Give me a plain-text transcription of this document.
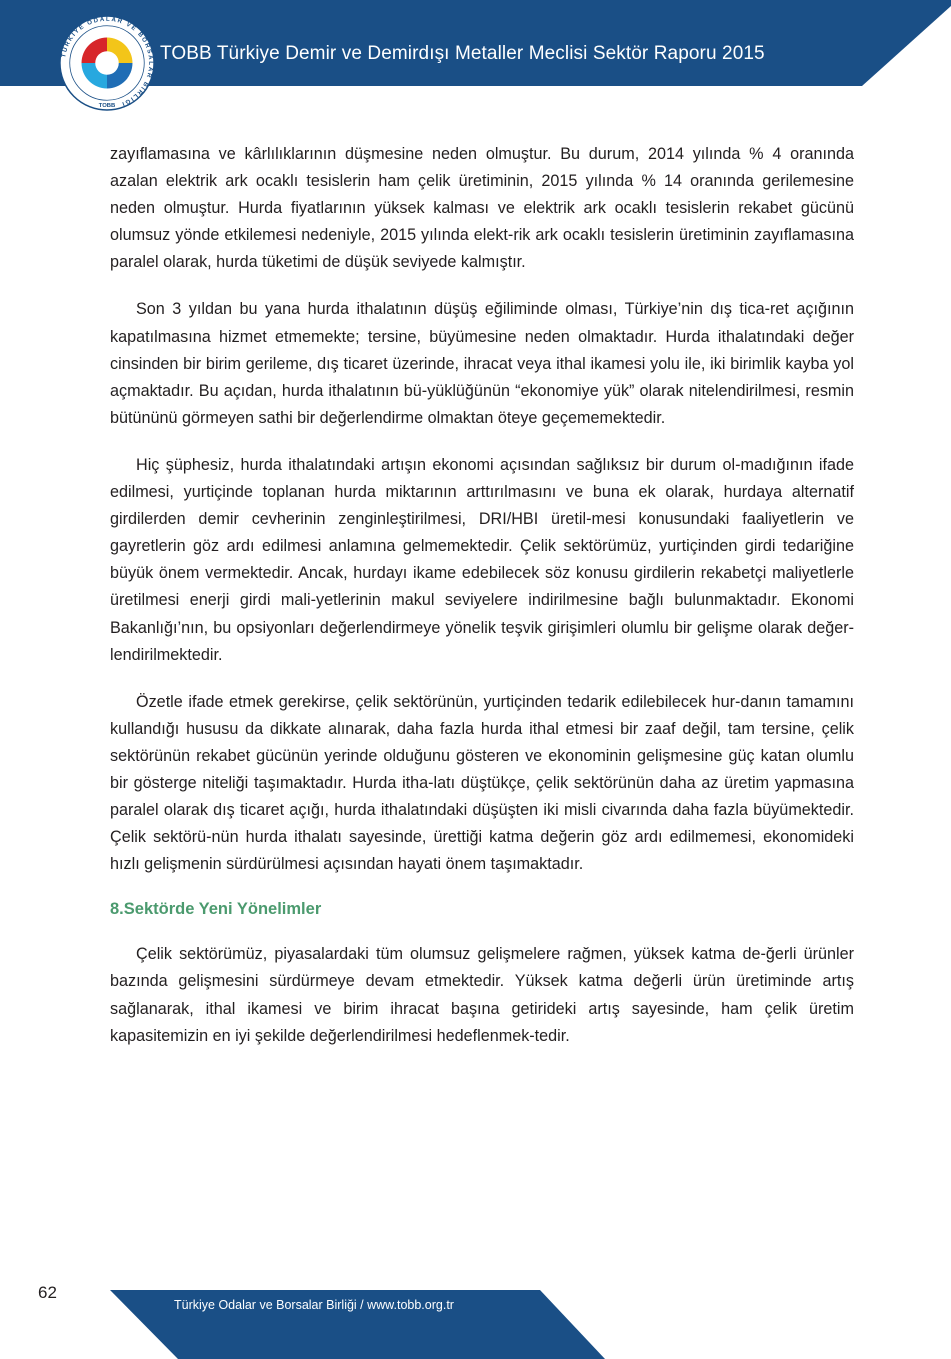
TÜRKİYE ODALAR VE BORSALAR BİRLİĞİ
TOBB
TOBB Türkiye Demir ve Demirdışı Metaller Meclisi Sektör Raporu 2015

zayıflamasına ve kârlılıklarının düşmesine neden olmuştur. Bu durum, 2014 yılında % 4 oranında azalan elektrik ark ocaklı tesislerin ham çelik üretiminin, 2015 yılında % 14 oranında gerilemesine neden olmuştur. Hurda fiyatlarının yüksek kalması ve elektrik ark ocaklı tesislerin rekabet gücünü olumsuz yönde etkilemesi nedeniyle, 2015 yılında elekt-rik ark ocaklı tesislerin üretiminin zayıflamasına paralel olarak, hurda tüketimi de düşük seviyede kalmıştır.

Son 3 yıldan bu yana hurda ithalatının düşüş eğiliminde olması, Türkiye’nin dış tica-ret açığının kapatılmasına hizmet etmemekte; tersine, büyümesine neden olmaktadır. Hurda ithalatındaki değer cinsinden bir birim gerileme, dış ticaret üzerinde, ihracat veya ithal ikamesi yolu ile, iki birimlik kayba yol açmaktadır. Bu açıdan, hurda ithalatının bü-yüklüğünün “ekonomiye yük” olarak nitelendirilmesi, resmin bütününü görmeyen sathi bir değerlendirme olmaktan öteye geçememektedir.

Hiç şüphesiz, hurda ithalatındaki artışın ekonomi açısından sağlıksız bir durum ol-madığının ifade edilmesi, yurtiçinde toplanan hurda miktarının arttırılmasını ve buna ek olarak, hurdaya alternatif girdilerden demir cevherinin zenginleştirilmesi, DRI/HBI üretil-mesi konusundaki faaliyetlerin ve gayretlerin göz ardı edilmesi anlamına gelmemektedir. Çelik sektörümüz, yurtiçinden girdi tedariğine büyük önem vermektedir. Ancak, hurdayı ikame edebilecek söz konusu girdilerin rekabetçi maliyetlerle üretilmesi enerji girdi mali-yetlerinin makul seviyelere indirilmesine bağlı bulunmaktadır. Ekonomi Bakanlığı’nın, bu opsiyonları değerlendirmeye yönelik teşvik girişimleri olumlu bir gelişme olarak değer-lendirilmektedir.

Özetle ifade etmek gerekirse, çelik sektörünün, yurtiçinden tedarik edilebilecek hur-danın tamamını kullandığı hususu da dikkate alınarak, daha fazla hurda ithal etmesi bir zaaf değil, tam tersine, çelik sektörünün rekabet gücünün yerinde olduğunu gösteren ve ekonominin gelişmesine güç katan olumlu bir gösterge niteliği taşımaktadır. Hurda itha-latı düştükçe, çelik sektörünün daha az üretim yapmasına paralel olarak dış ticaret açığı, hurda ithalatındaki düşüşten iki misli civarında daha fazla büyümektedir. Çelik sektörü-nün hurda ithalatı sayesinde, ürettiği katma değerin göz ardı edilmemesi, ekonomideki hızlı gelişmenin sürdürülmesi açısından hayati önem taşımaktadır.

8.Sektörde Yeni Yönelimler

Çelik sektörümüz, piyasalardaki tüm olumsuz gelişmelere rağmen, yüksek katma de-ğerli ürünler bazında gelişmesini sürdürmeye devam etmektedir. Yüksek katma değerli ürün üretiminde artış sağlanarak, ithal ikamesi ve birim ihracat başına getirideki artış sayesinde, ham çelik üretim kapasitemizin en iyi şekilde değerlendirilmesi hedeflenmek-tedir.

62
Türkiye Odalar ve Borsalar Birliği / www.tobb.org.tr
